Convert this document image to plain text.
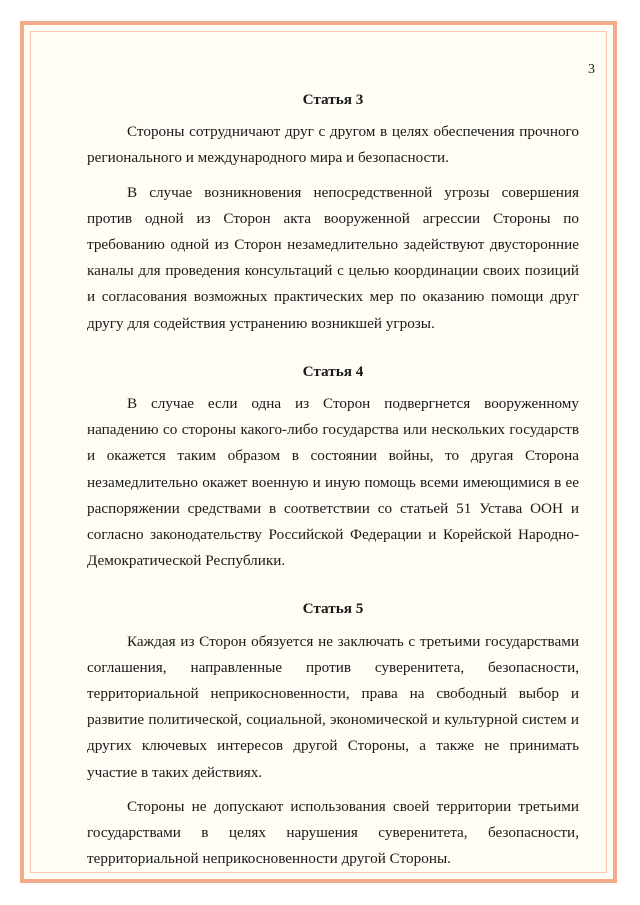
3
Статья 3

Стороны сотрудничают друг с другом в целях обеспечения прочного регионального и международного мира и безопасности.

В случае возникновения непосредственной угрозы совершения против одной из Сторон акта вооруженной агрессии Стороны по требованию одной из Сторон незамедлительно задействуют двусторонние каналы для проведения консультаций с целью координации своих позиций и согласования возможных практических мер по оказанию помощи друг другу для содействия устранению возникшей угрозы.

Статья 4

В случае если одна из Сторон подвергнется вооруженному нападению со стороны какого-либо государства или нескольких государств и окажется таким образом в состоянии войны, то другая Сторона незамедлительно окажет военную и иную помощь всеми имеющимися в ее распоряжении средствами в соответствии со статьей 51 Устава ООН и согласно законодательству Российской Федерации и Корейской Народно-Демократической Республики.

Статья 5

Каждая из Сторон обязуется не заключать с третьими государствами соглашения, направленные против суверенитета, безопасности, территориальной неприкосновенности, права на свободный выбор и развитие политической, социальной, экономической и культурной систем и других ключевых интересов другой Стороны, а также не принимать участие в таких действиях.

Стороны не допускают использования своей территории третьими государствами в целях нарушения суверенитета, безопасности, территориальной неприкосновенности другой Стороны.
